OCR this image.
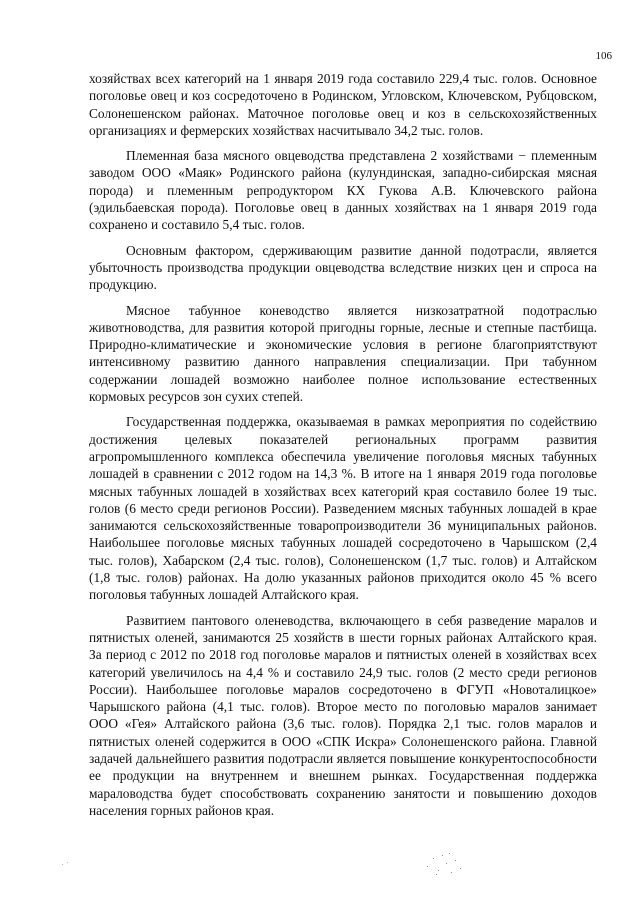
106

хозяйствах всех категорий на 1 января 2019 года составило 229,4 тыс. голов. Основное поголовье овец и коз сосредоточено в Родинском, Угловском, Ключевском, Рубцовском, Солонешенском районах. Маточное поголовье овец и коз в сельскохозяйственных организациях и фермерских хозяйствах насчитывало 34,2 тыс. голов.

Племенная база мясного овцеводства представлена 2 хозяйствами − племенным заводом ООО «Маяк» Родинского района (кулундинская, западно-сибирская мясная порода) и племенным репродуктором КХ Гукова А.В. Ключевского района (эдильбаевская порода). Поголовье овец в данных хозяйствах на 1 января 2019 года сохранено и составило 5,4 тыс. голов.

Основным фактором, сдерживающим развитие данной подотрасли, является убыточность производства продукции овцеводства вследствие низких цен и спроса на продукцию.

Мясное табунное коневодство является низкозатратной подотраслью животноводства, для развития которой пригодны горные, лесные и степные пастбища. Природно-климатические и экономические условия в регионе благоприятствуют интенсивному развитию данного направления специализации. При табунном содержании лошадей возможно наиболее полное использование естественных кормовых ресурсов зон сухих степей.

Государственная поддержка, оказываемая в рамках мероприятия по содействию достижения целевых показателей региональных программ развития агропромышленного комплекса обеспечила увеличение поголовья мясных табунных лошадей в сравнении с 2012 годом на 14,3 %. В итоге на 1 января 2019 года поголовье мясных табунных лошадей в хозяйствах всех категорий края составило более 19 тыс. голов (6 место среди регионов России). Разведением мясных табунных лошадей в крае занимаются сельскохозяйственные товаропроизводители 36 муниципальных районов. Наибольшее поголовье мясных табунных лошадей сосредоточено в Чарышском (2,4 тыс. голов), Хабарском (2,4 тыс. голов), Солонешенском (1,7 тыс. голов) и Алтайском (1,8 тыс. голов) районах. На долю указанных районов приходится около 45 % всего поголовья табунных лошадей Алтайского края.

Развитием пантового оленеводства, включающего в себя разведение маралов и пятнистых оленей, занимаются 25 хозяйств в шести горных районах Алтайского края. За период с 2012 по 2018 год поголовье маралов и пятнистых оленей в хозяйствах всех категорий увеличилось на 4,4 % и составило 24,9 тыс. голов (2 место среди регионов России). Наибольшее поголовье маралов сосредоточено в ФГУП «Новоталицкое» Чарышского района (4,1 тыс. голов). Второе место по поголовью маралов занимает ООО «Гея» Алтайского района (3,6 тыс. голов). Порядка 2,1 тыс. голов маралов и пятнистых оленей содержится в ООО «СПК Искра» Солонешенского района. Главной задачей дальнейшего развития подотрасли является повышение конкурентоспособности ее продукции на внутреннем и внешнем рынках. Государственная поддержка мараловодства будет способствовать сохранению занятости и повышению доходов населения горных районов края.
